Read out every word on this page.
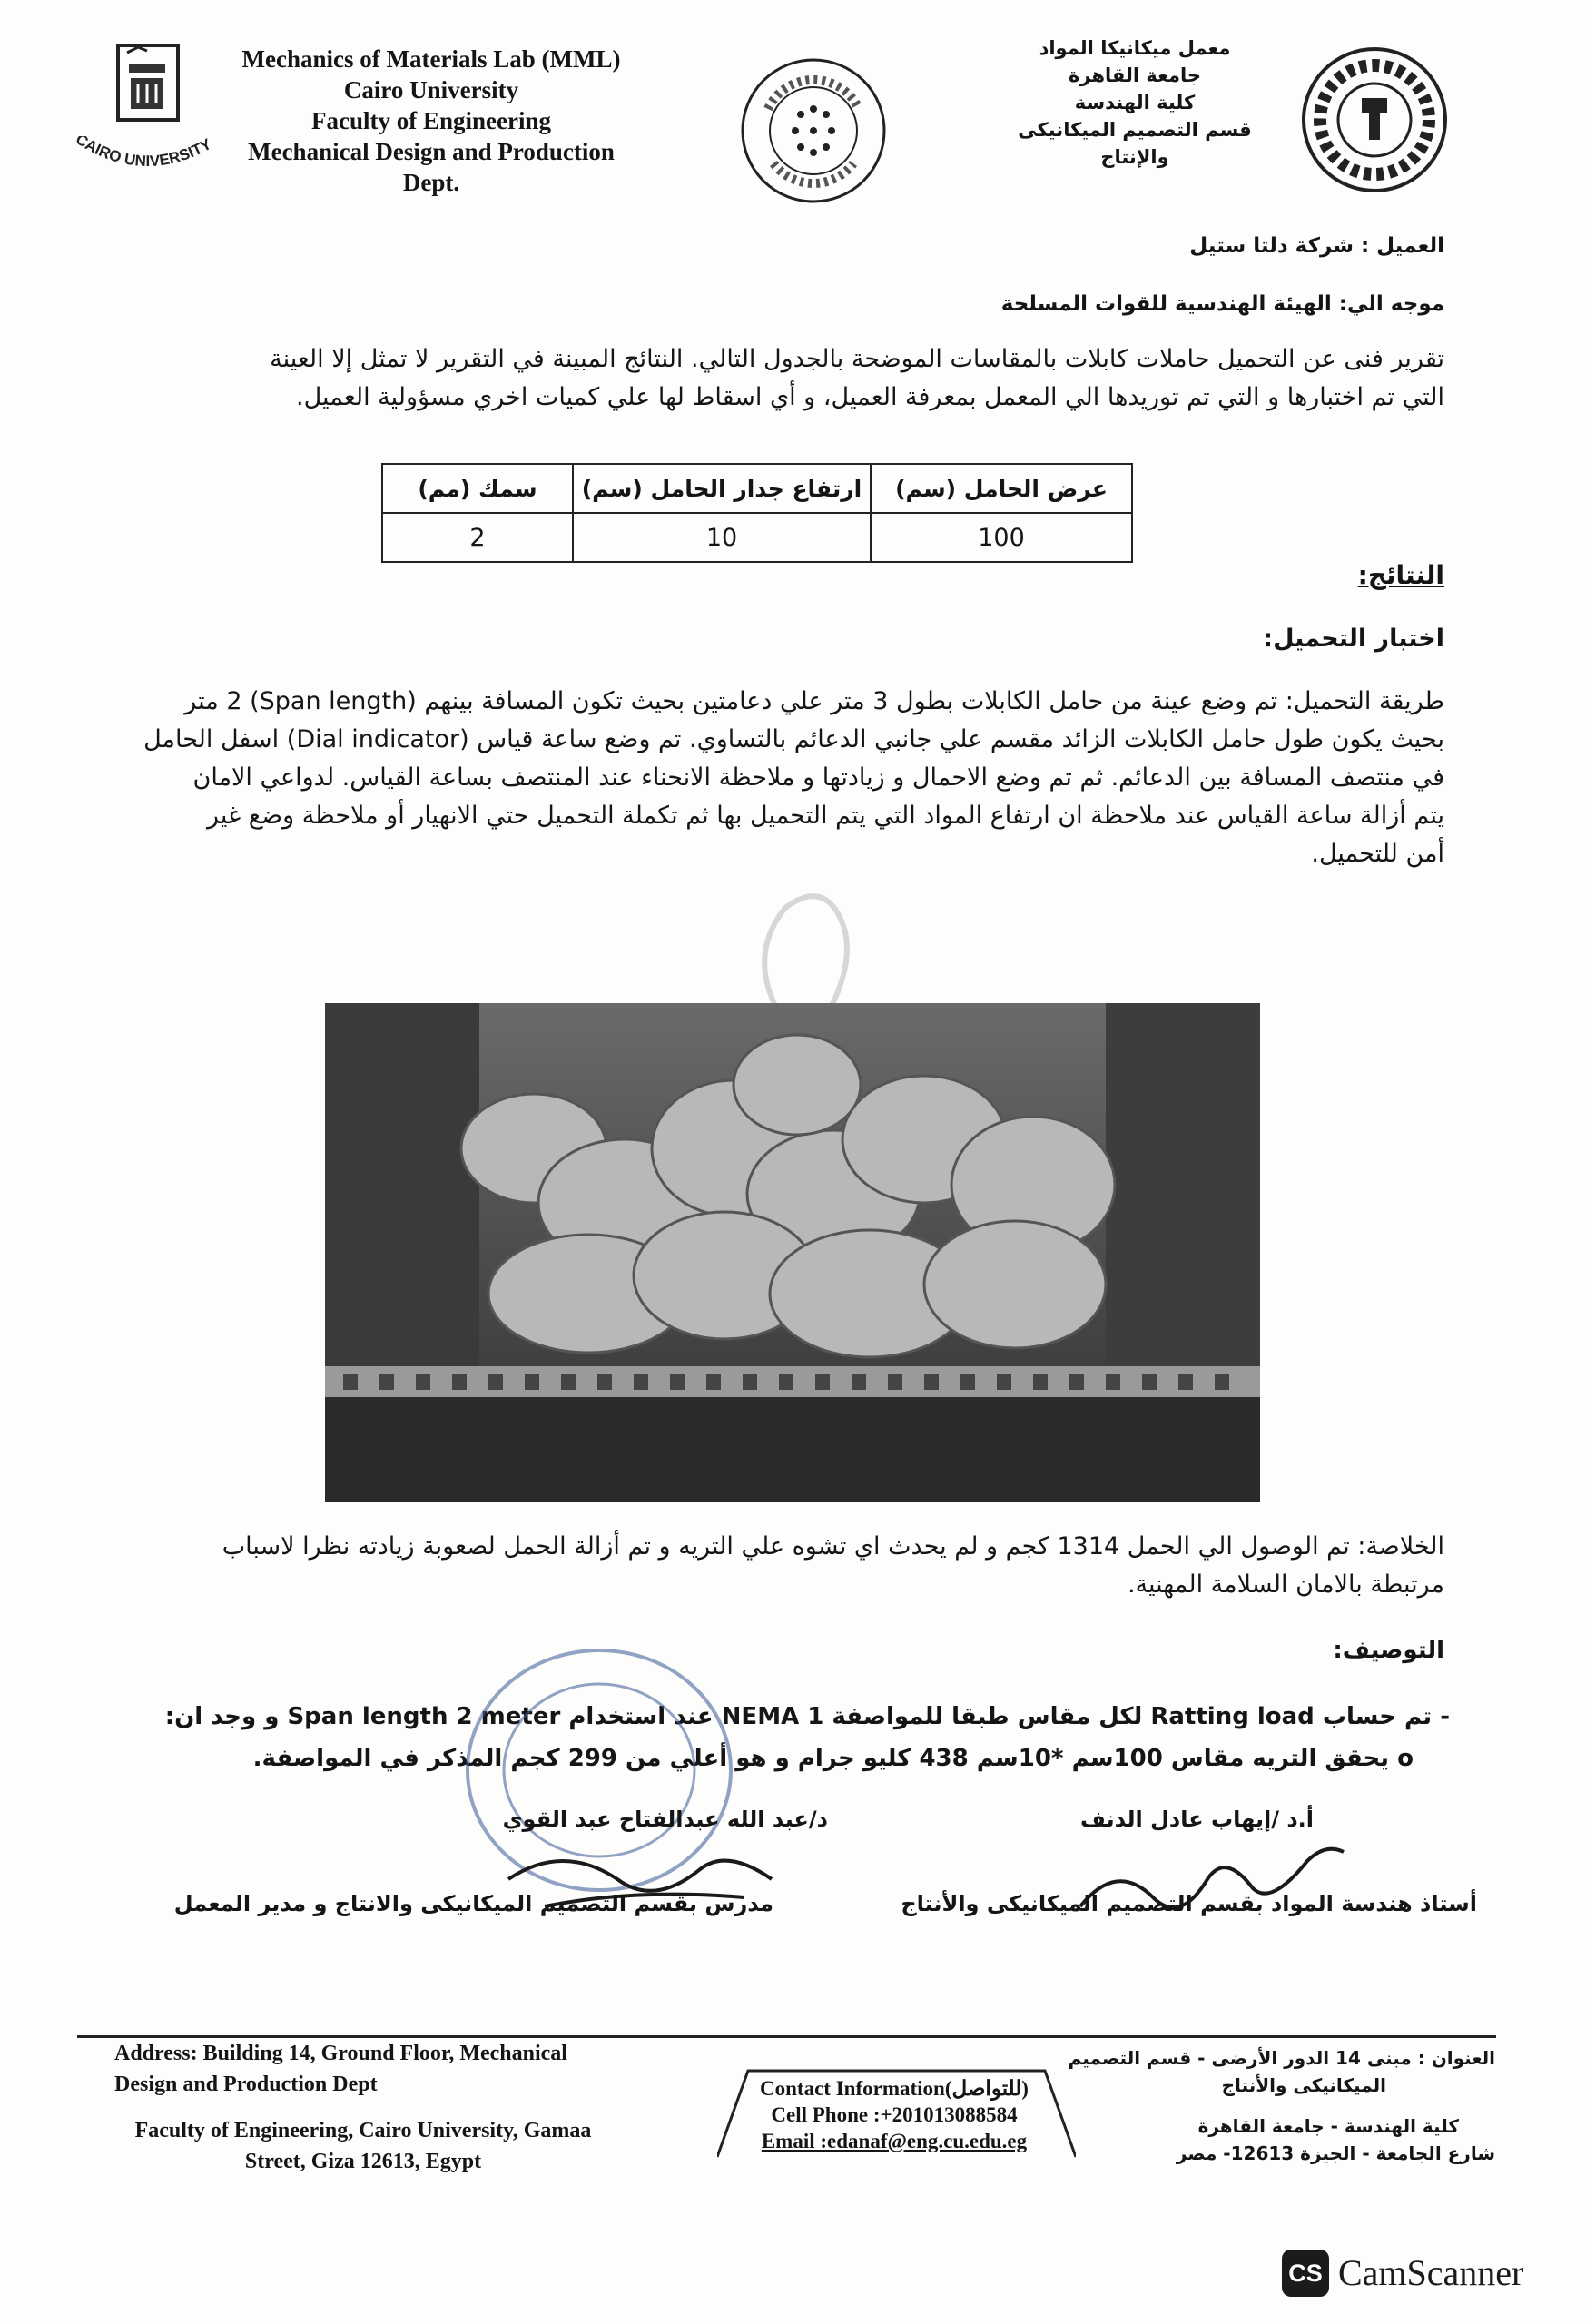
CAIRO UNIVERSITY
Mechanics of Materials Lab (MML)
Cairo University
Faculty of Engineering
Mechanical Design and Production
Dept.
معمل ميكانيكا المواد
جامعة القاهرة
كلية الهندسة
قسم التصميم الميكانيكى
والإنتاج
العميل : شركة دلتا ستيل
موجه الي: الهيئة الهندسية للقوات المسلحة
تقرير فنى عن التحميل حاملات كابلات بالمقاسات الموضحة بالجدول التالي. النتائج المبينة في التقرير لا تمثل إلا العينة
التي تم اختبارها و التي تم توريدها الي المعمل بمعرفة العميل، و أي اسقاط لها علي كميات اخري مسؤولية العميل.
عرض الحامل (سم)	ارتفاع جدار الحامل (سم)	سمك (مم)
100	10	2
النتائج:
اختبار التحميل:
طريقة التحميل: تم وضع عينة من حامل الكابلات بطول 3 متر علي دعامتين بحيث تكون المسافة بينهم (Span length) 2 متر
بحيث يكون طول حامل الكابلات الزائد مقسم علي جانبي الدعائم بالتساوي. تم وضع ساعة قياس (Dial indicator) اسفل الحامل
في منتصف المسافة بين الدعائم. ثم تم وضع الاحمال و زيادتها و ملاحظة الانحناء عند المنتصف بساعة القياس. لدواعي الامان
يتم أزالة ساعة القياس عند ملاحظة ان ارتفاع المواد التي يتم التحميل بها ثم تكملة التحميل حتي الانهيار أو ملاحظة وضع غير
أمن للتحميل.
الخلاصة: تم الوصول الي الحمل 1314 كجم و لم يحدث اي تشوه علي التريه و تم أزالة الحمل لصعوبة زيادته نظرا لاسباب
مرتبطة بالامان السلامة المهنية.
التوصيف:
- تم حساب Ratting load لكل مقاس طبقا للمواصفة NEMA 1 عند استخدام Span length 2 meter و وجد ان:
o يحقق التريه مقاس 100سم *10سم 438 كليو جرام و هو أعلي من 299 كجم المذكر في المواصفة.
أ.د /إيهاب عادل الدنف
د/عبد الله عبدالفتاح عبد القوي
أستاذ هندسة المواد بقسم التصميم الميكانيكى والأنتاج
مدرس بقسم التصميم الميكانيكى والانتاج و مدير المعمل
Address: Building 14, Ground Floor, Mechanical
Design and Production Dept
Faculty of Engineering, Cairo University, Gamaa
Street, Giza 12613, Egypt
Contact Information(للتواصل)
Cell Phone :+201013088584
Email :edanaf@eng.cu.edu.eg
العنوان : مبنى 14 الدور الأرضى - قسم التصميم
الميكانيكى والأنتاج
كلية الهندسة - جامعة القاهرة
شارع الجامعة - الجيزة 12613- مصر
CS CamScanner
